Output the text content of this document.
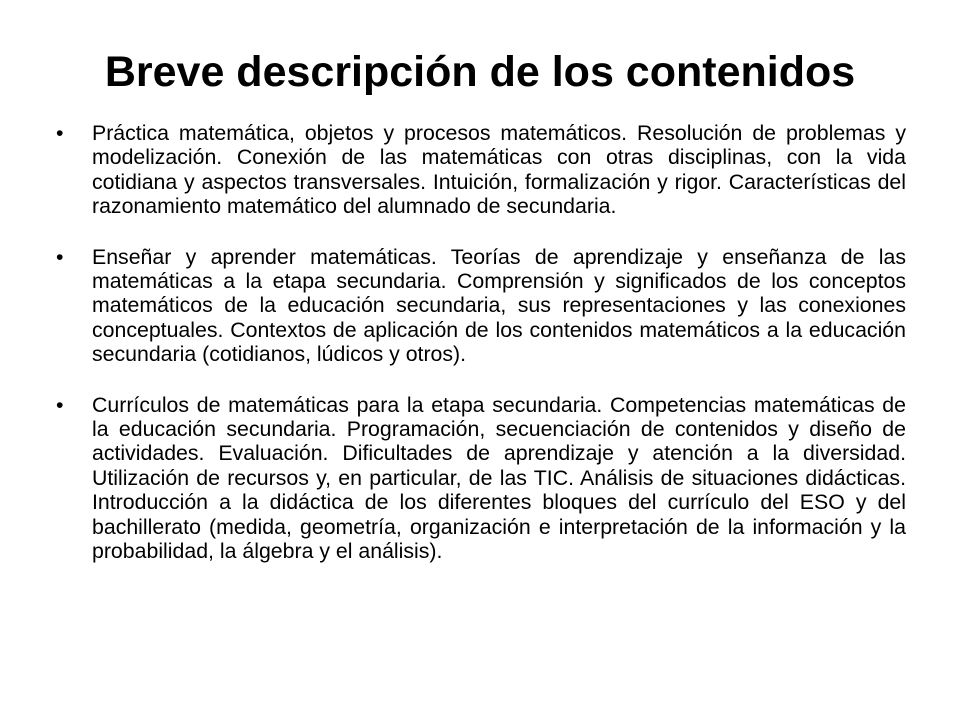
Breve descripción de los contenidos
• Práctica matemática, objetos y procesos matemáticos. Resolución de problemas y modelización. Conexión de las matemáticas con otras disciplinas, con la vida cotidiana y aspectos transversales. Intuición, formalización y rigor. Características del razonamiento matemático del alumnado de secundaria.
• Enseñar y aprender matemáticas. Teorías de aprendizaje y enseñanza de las matemáticas a la etapa secundaria. Comprensión y significados de los conceptos matemáticos de la educación secundaria, sus representaciones y las conexiones conceptuales. Contextos de aplicación de los contenidos matemáticos a la educación secundaria (cotidianos, lúdicos y otros).
• Currículos de matemáticas para la etapa secundaria. Competencias matemáticas de la educación secundaria. Programación, secuenciación de contenidos y diseño de actividades. Evaluación. Dificultades de aprendizaje y atención a la diversidad. Utilización de recursos y, en particular, de las TIC. Análisis de situaciones didácticas. Introducción a la didáctica de los diferentes bloques del currículo del ESO y del bachillerato (medida, geometría, organización e interpretación de la información y la probabilidad, la álgebra y el análisis).
